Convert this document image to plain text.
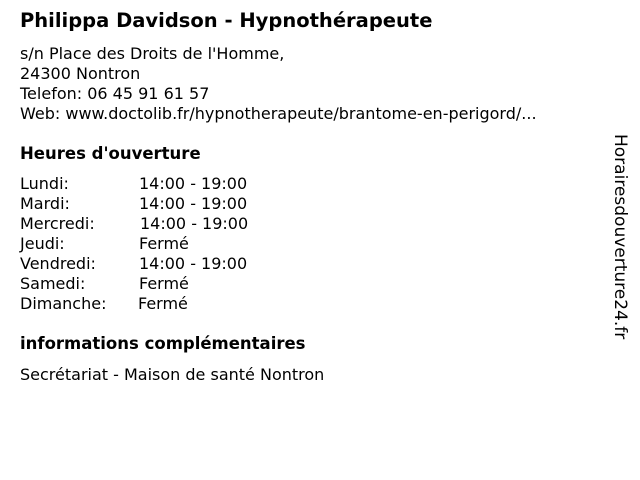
Philippa Davidson - Hypnothérapeute
s/n Place des Droits de l'Homme,
24300 Nontron
Telefon: 06 45 91 61 57
Web: www.doctolib.fr/hypnotherapeute/brantome-en-perigord/...
Heures d'ouverture
Lundi:	14:00 - 19:00
Mardi:	14:00 - 19:00
Mercredi:	14:00 - 19:00
Jeudi:	Fermé
Vendredi:	14:00 - 19:00
Samedi:	Fermé
Dimanche: Fermé
informations complémentaires
Secrétariat - Maison de santé Nontron
Horairesdouverture24.fr
